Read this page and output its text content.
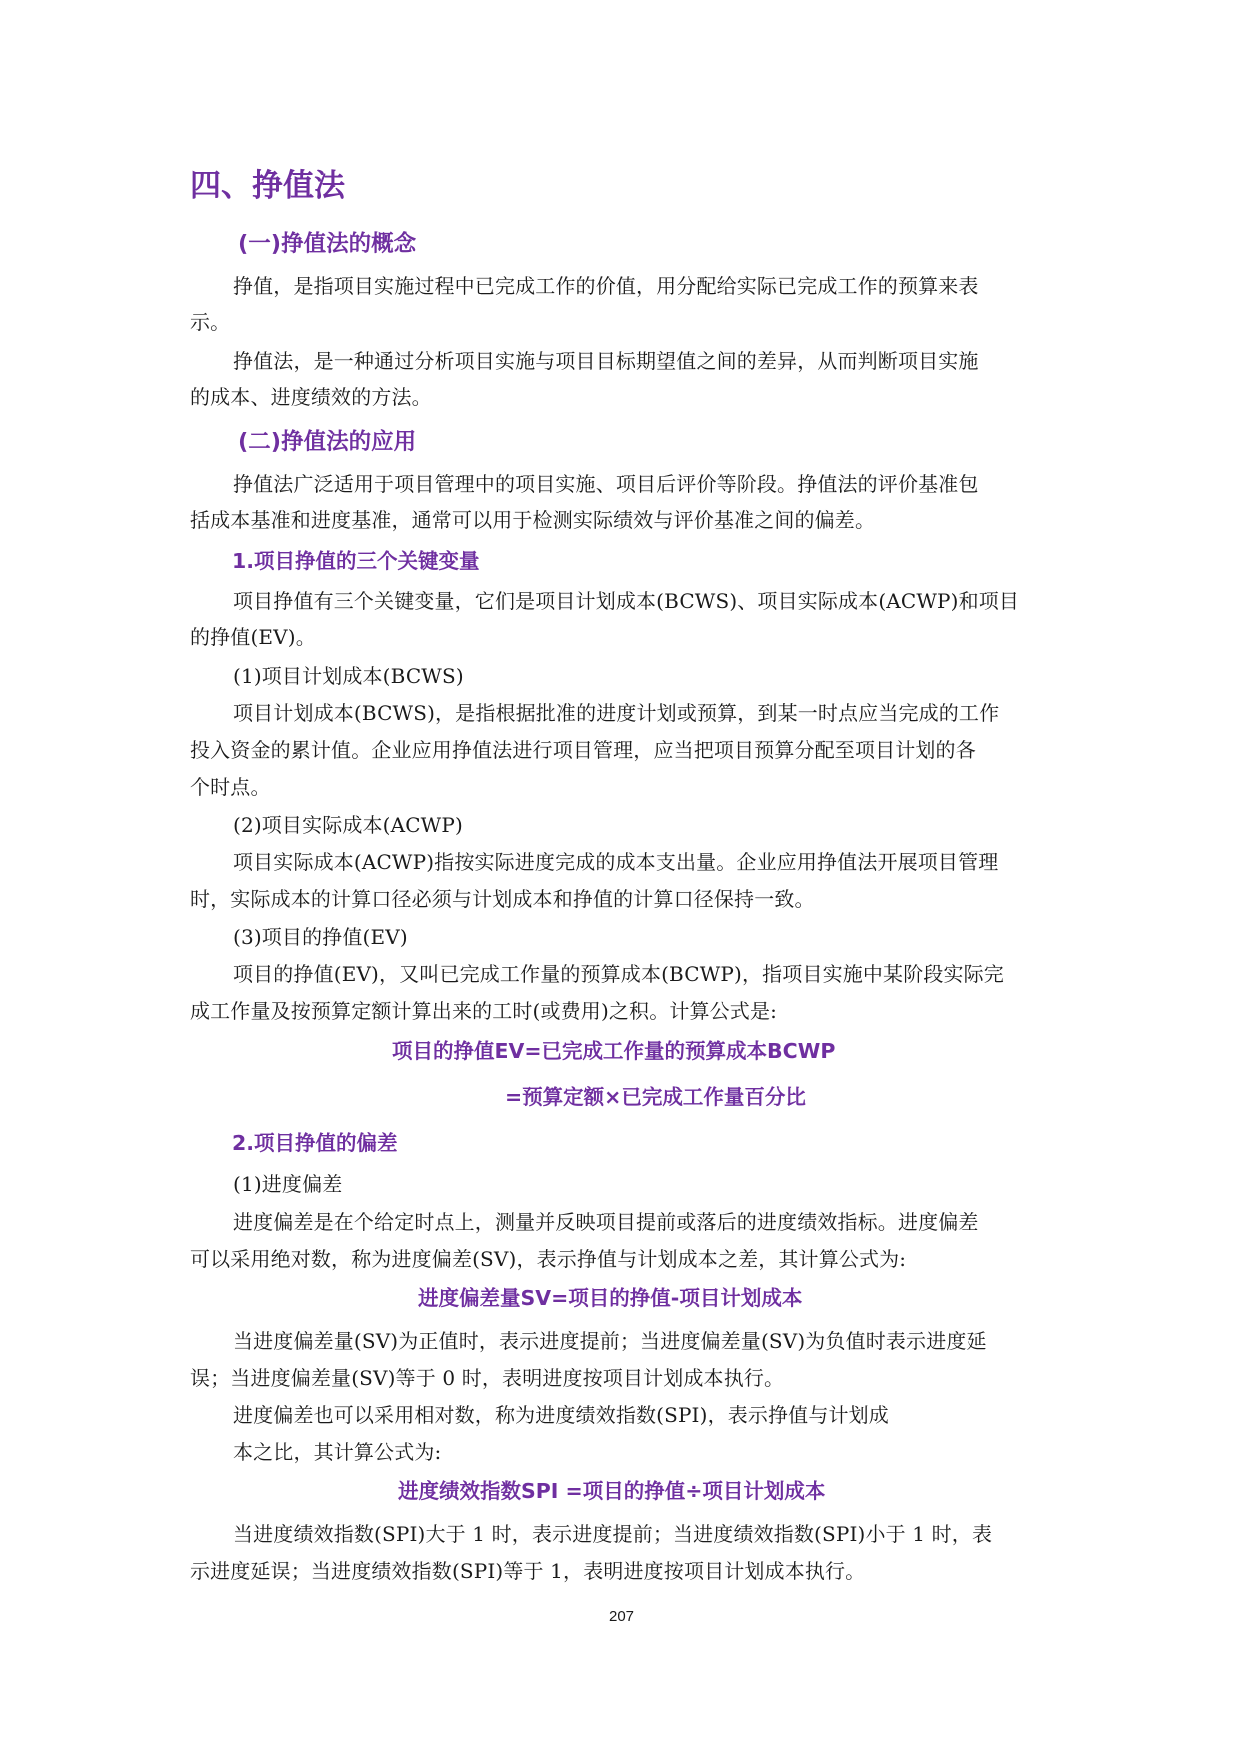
四、挣值法
(一)挣值法的概念

挣值，是指项目实施过程中已完成工作的价值，用分配给实际已完成工作的预算来表

示。

挣值法，是一种通过分析项目实施与项目目标期望值之间的差异，从而判断项目实施

的成本、进度绩效的方法。

(二)挣值法的应用

挣值法广泛适用于项目管理中的项目实施、项目后评价等阶段。挣值法的评价基准包

括成本基准和进度基准，通常可以用于检测实际绩效与评价基准之间的偏差。

1.项目挣值的三个关键变量

项目挣值有三个关键变量，它们是项目计划成本(BCWS)、项目实际成本(ACWP)和项目

的挣值(EV)。

(1)项目计划成本(BCWS)

项目计划成本(BCWS)，是指根据批准的进度计划或预算，到某一时点应当完成的工作

投入资金的累计值。企业应用挣值法进行项目管理，应当把项目预算分配至项目计划的各

个时点。

(2)项目实际成本(ACWP)

项目实际成本(ACWP)指按实际进度完成的成本支出量。企业应用挣值法开展项目管理

时，实际成本的计算口径必须与计划成本和挣值的计算口径保持一致。

(3)项目的挣值(EV)

项目的挣值(EV)，又叫已完成工作量的预算成本(BCWP)，指项目实施中某阶段实际完

成工作量及按预算定额计算出来的工时(或费用)之积。计算公式是:

项目的挣值EV=已完成工作量的预算成本BCWP

=预算定额×已完成工作量百分比

2.项目挣值的偏差

(1)进度偏差

进度偏差是在个给定时点上，测量并反映项目提前或落后的进度绩效指标。进度偏差

可以采用绝对数，称为进度偏差(SV)，表示挣值与计划成本之差，其计算公式为:

进度偏差量SV=项目的挣值-项目计划成本

当进度偏差量(SV)为正值时，表示进度提前；当进度偏差量(SV)为负值时表示进度延

误；当进度偏差量(SV)等于 0 时，表明进度按项目计划成本执行。

进度偏差也可以采用相对数，称为进度绩效指数(SPI)，表示挣值与计划成

本之比，其计算公式为:

进度绩效指数SPI =项目的挣值÷项目计划成本

当进度绩效指数(SPI)大于 1 时，表示进度提前；当进度绩效指数(SPI)小于 1 时，表

示进度延误；当进度绩效指数(SPI)等于 1，表明进度按项目计划成本执行。

207
